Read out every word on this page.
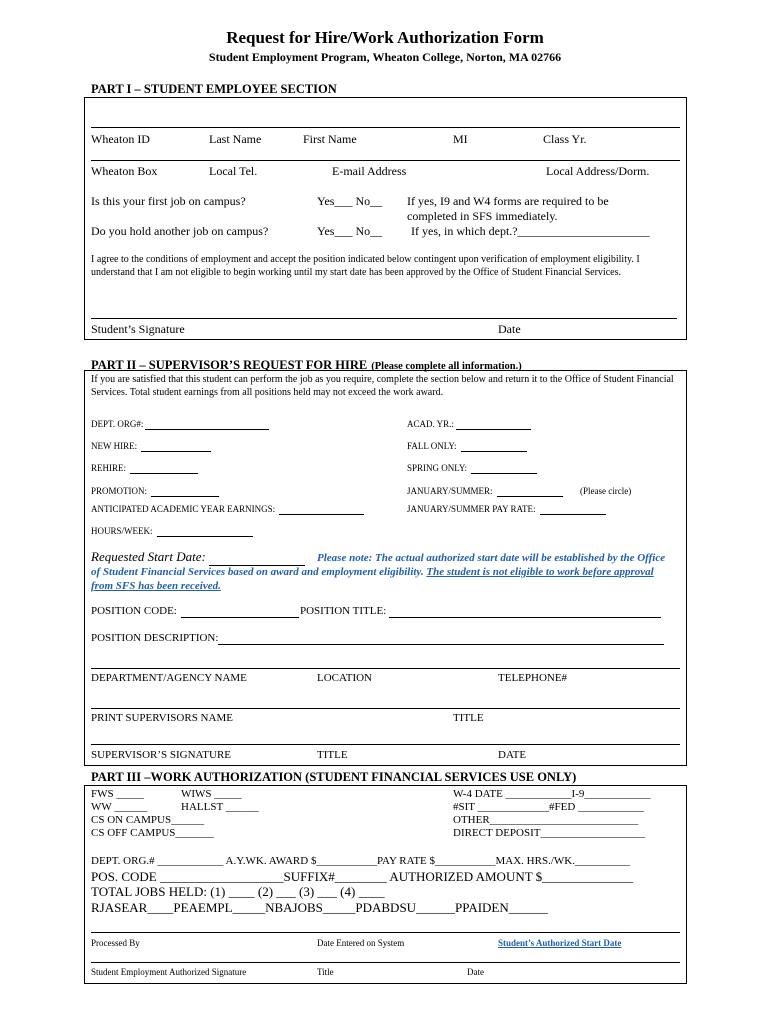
Request for Hire/Work Authorization Form
Student Employment Program, Wheaton College, Norton, MA 02766
PART I – STUDENT EMPLOYEE SECTION
Wheaton ID	Last Name	First Name	MI	Class Yr.
Wheaton Box	Local Tel.	E-mail Address	Local Address/Dorm.
Is this your first job on campus?	Yes___ No__ If yes, I9 and W4 forms are required to be
completed in SFS immediately.
Do you hold another job on campus?	Yes___ No__ If yes, in which dept.?______________________
I agree to the conditions of employment and accept the position indicated below contingent upon verification of employment eligibility. I understand that I am not eligible to begin working until my start date has been approved by the Office of Student Financial Services.
Student’s Signature	Date
PART II – SUPERVISOR’S REQUEST FOR HIRE (Please complete all information.)
If you are satisfied that this student can perform the job as you require, complete the section below and return it to the Office of Student Financial Services. Total student earnings from all positions held may not exceed the work award.
DEPT. ORG#:	ACAD. YR.:
NEW HIRE:	FALL ONLY:
REHIRE:	SPRING ONLY:
PROMOTION:	JANUARY/SUMMER:	(Please circle)
ANTICIPATED ACADEMIC YEAR EARNINGS:	JANUARY/SUMMER PAY RATE:
HOURS/WEEK:
Requested Start Date:	Please note: The actual authorized start date will be established by the Office
of Student Financial Services based on award and employment eligibility. The student is not eligible to work before approval
from SFS has been received.
POSITION CODE:	POSITION TITLE:
POSITION DESCRIPTION:
DEPARTMENT/AGENCY NAME	LOCATION	TELEPHONE#
PRINT SUPERVISORS NAME	TITLE
SUPERVISOR’S SIGNATURE	TITLE	DATE
PART III –WORK AUTHORIZATION (STUDENT FINANCIAL SERVICES USE ONLY)
FWS _____	WIWS _____	W-4 DATE ____________I-9____________
WW ______	HALLST ______	#SIT _____________#FED ____________
CS ON CAMPUS______	OTHER___________________________
CS OFF CAMPUS_______	DIRECT DEPOSIT___________________
DEPT. ORG.# ____________ A.Y.WK. AWARD $___________PAY RATE $___________MAX. HRS./WK.__________
POS. CODE ___________________SUFFIX#________ AUTHORIZED AMOUNT $______________
TOTAL JOBS HELD: (1) ____ (2) ___ (3) ___ (4) ____
RJASEAR____PEAEMPL_____NBAJOBS_____PDABDSU______PPAIDEN______
Processed By	Date Entered on System	Student’s Authorized Start Date
Student Employment Authorized Signature	Title	Date
